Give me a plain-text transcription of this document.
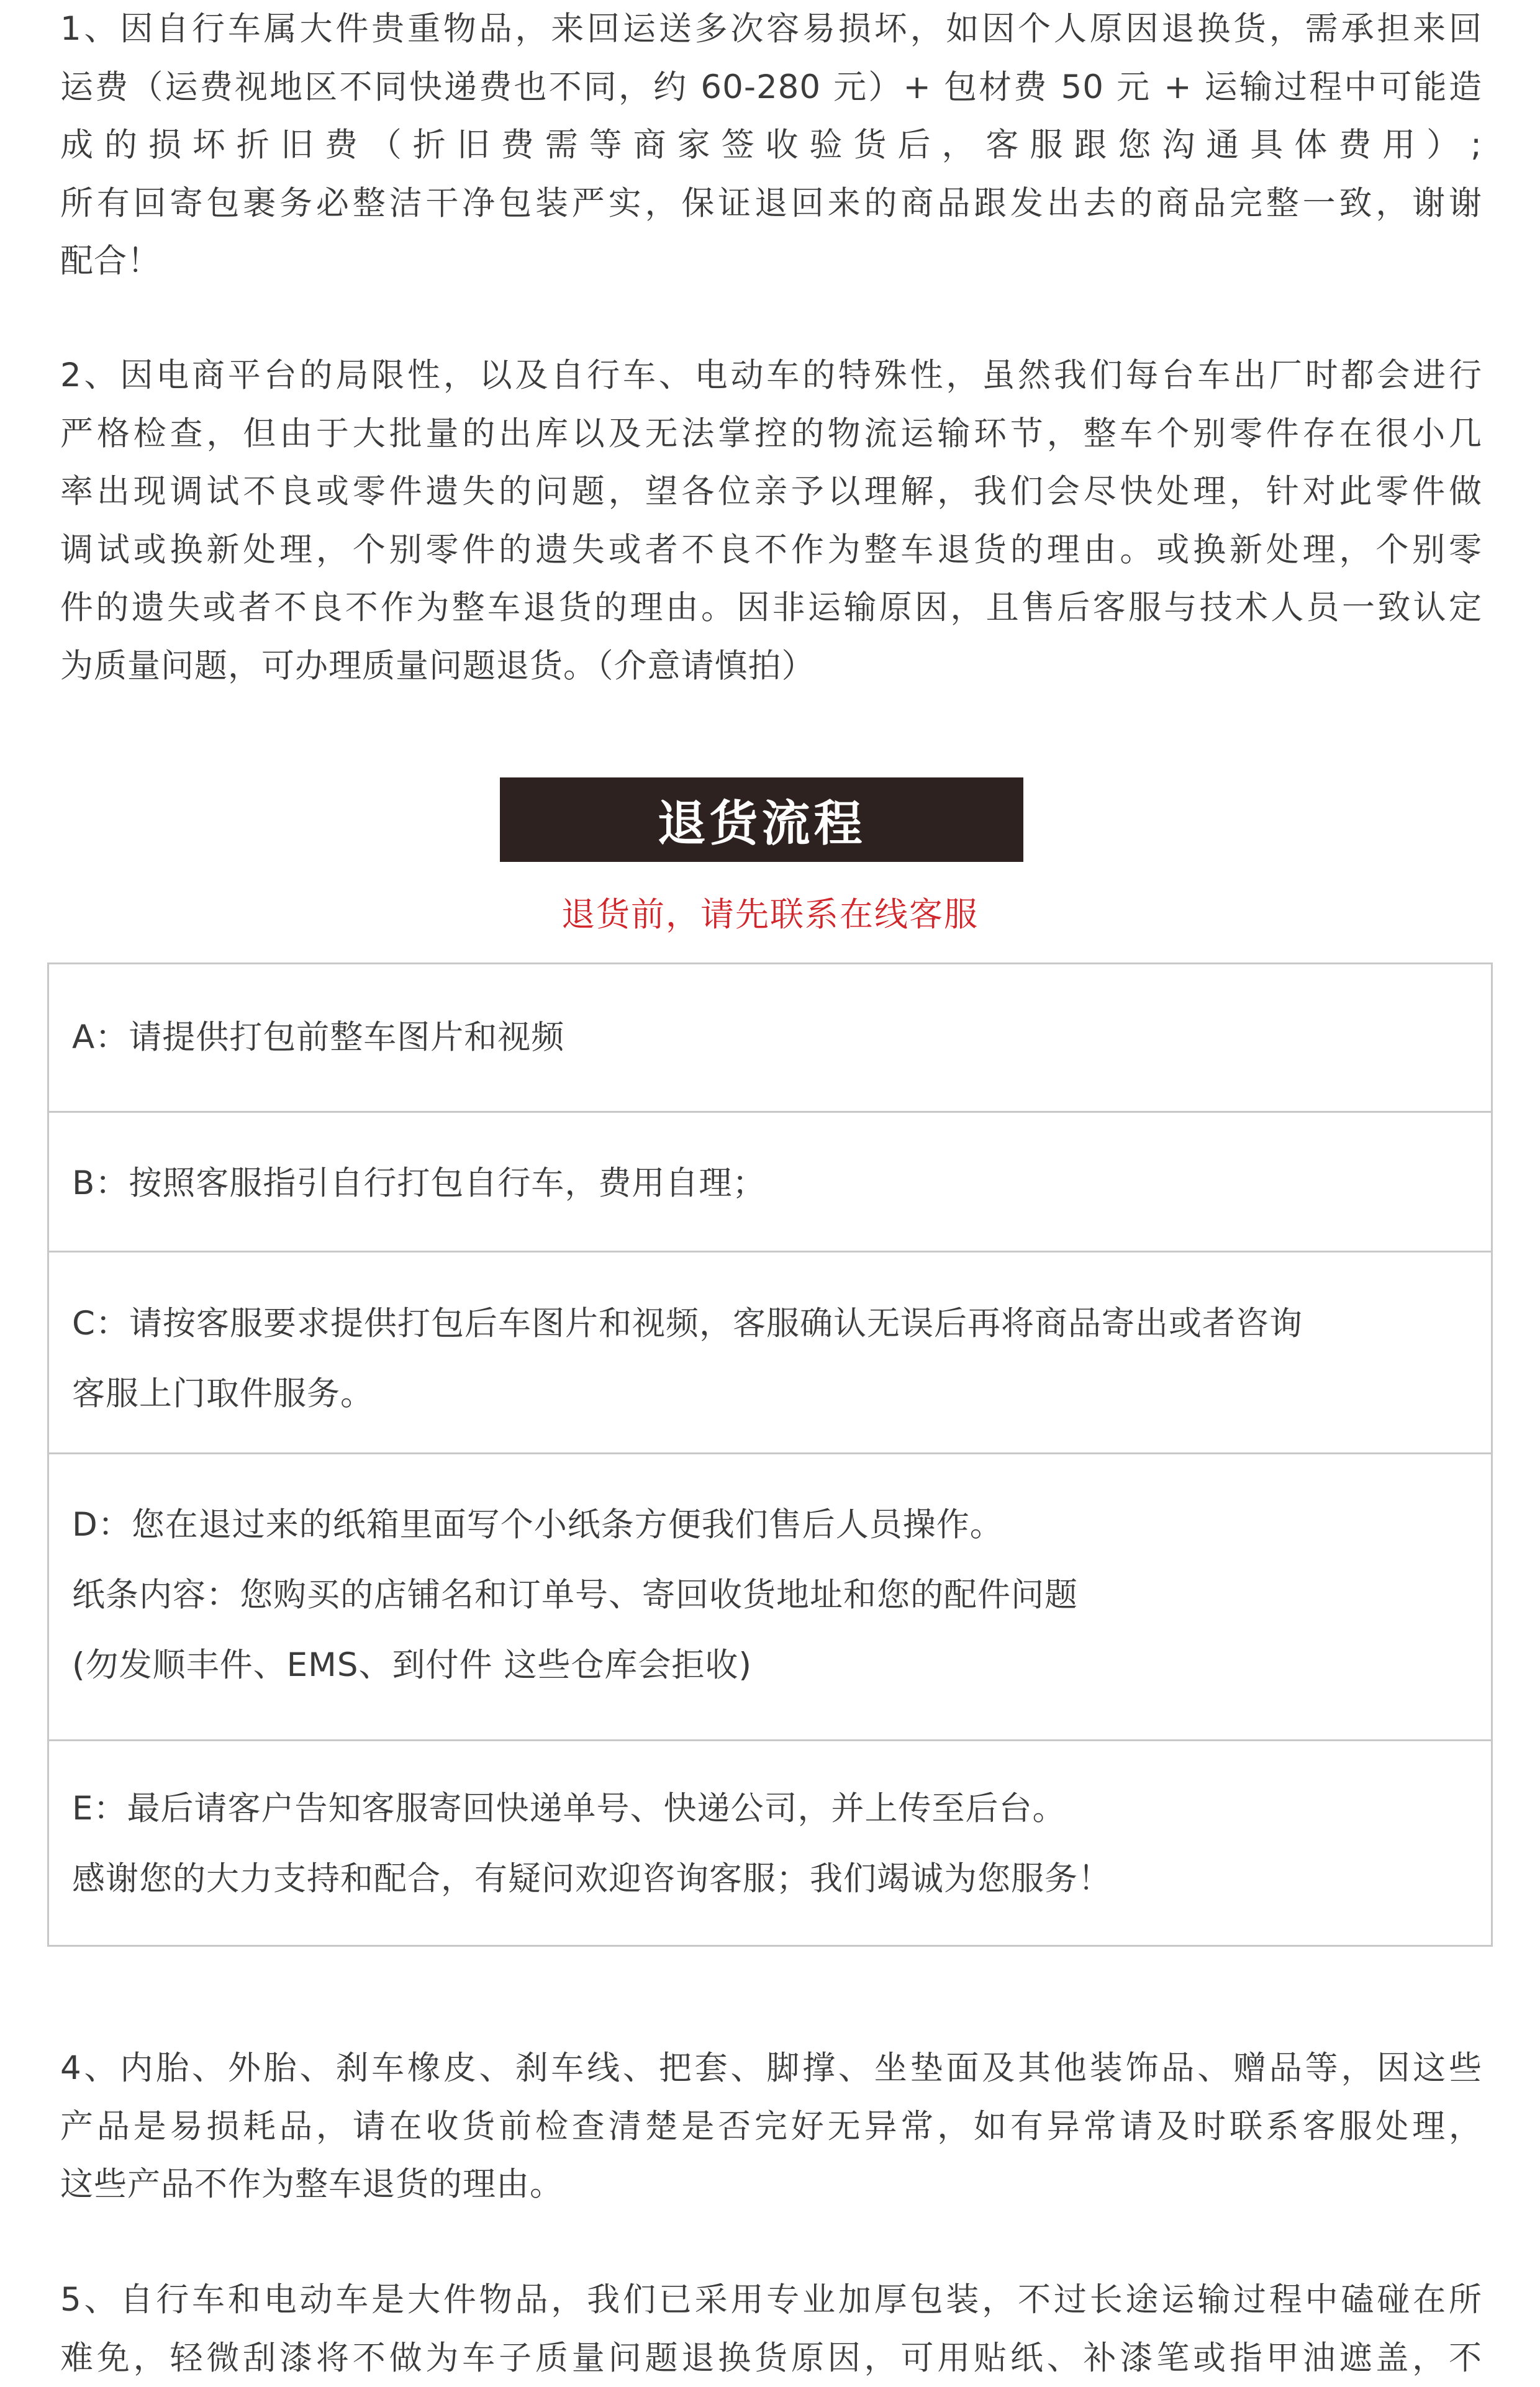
1、因自行车属大件贵重物品，来回运送多次容易损坏，如因个人原因退换货，需承担来回
运费（运费视地区不同快递费也不同，约 60-280 元）+ 包材费 50 元 + 运输过程中可能造
成的损坏折旧费（折旧费需等商家签收验货后，客服跟您沟通具体费用）;
所有回寄包裹务必整洁干净包装严实，保证退回来的商品跟发出去的商品完整一致，谢谢
配合！
2、因电商平台的局限性，以及自行车、电动车的特殊性，虽然我们每台车出厂时都会进行
严格检查，但由于大批量的出库以及无法掌控的物流运输环节，整车个别零件存在很小几
率出现调试不良或零件遗失的问题，望各位亲予以理解，我们会尽快处理，针对此零件做
调试或换新处理，个别零件的遗失或者不良不作为整车退货的理由。或换新处理，个别零
件的遗失或者不良不作为整车退货的理由。因非运输原因，且售后客服与技术人员一致认定
为质量问题，可办理质量问题退货。（介意请慎拍）
退货流程
退货前，请先联系在线客服
A：请提供打包前整车图片和视频
B：按照客服指引自行打包自行车，费用自理；
C：请按客服要求提供打包后车图片和视频，客服确认无误后再将商品寄出或者咨询
客服上门取件服务。
D：您在退过来的纸箱里面写个小纸条方便我们售后人员操作。
纸条内容：您购买的店铺名和订单号、寄回收货地址和您的配件问题
(勿发顺丰件、EMS、到付件 这些仓库会拒收)
E：最后请客户告知客服寄回快递单号、快递公司，并上传至后台。
感谢您的大力支持和配合，有疑问欢迎咨询客服；我们竭诚为您服务！
4、内胎、外胎、刹车橡皮、刹车线、把套、脚撑、坐垫面及其他装饰品、赠品等，因这些
产品是易损耗品，请在收货前检查清楚是否完好无异常，如有异常请及时联系客服处理，
这些产品不作为整车退货的理由。
5、自行车和电动车是大件物品，我们已采用专业加厚包装，不过长途运输过程中磕碰在所
难免，轻微刮漆将不做为车子质量问题退换货原因，可用贴纸、补漆笔或指甲油遮盖，不
